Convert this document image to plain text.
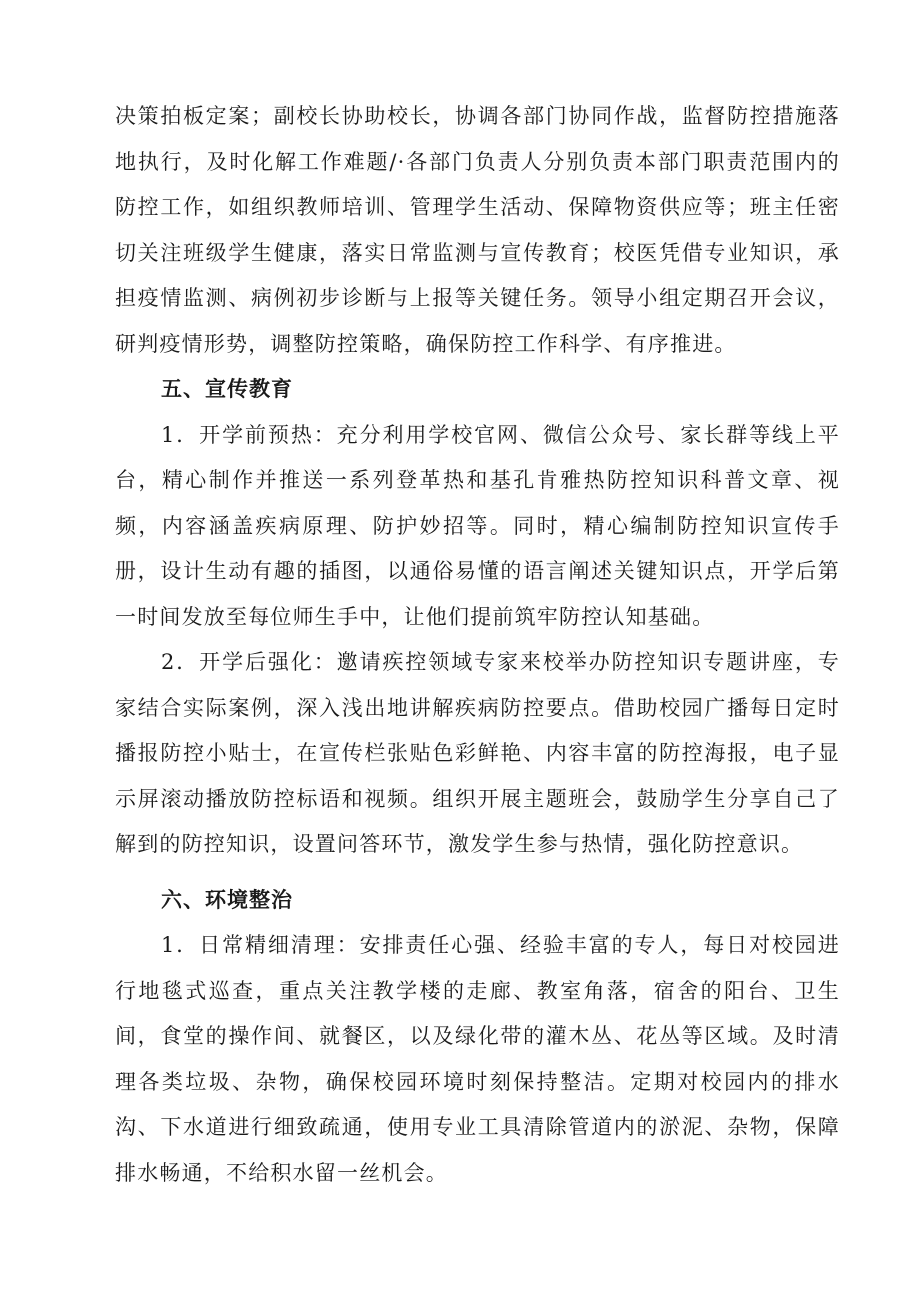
决策拍板定案；副校长协助校长，协调各部门协同作战，监督防控措施落地执行，及时化解工作难题/·各部门负责人分别负责本部门职责范围内的防控工作，如组织教师培训、管理学生活动、保障物资供应等；班主任密切关注班级学生健康，落实日常监测与宣传教育；校医凭借专业知识，承担疫情监测、病例初步诊断与上报等关键任务。领导小组定期召开会议，研判疫情形势，调整防控策略，确保防控工作科学、有序推进。

五、宣传教育

1．开学前预热：充分利用学校官网、微信公众号、家长群等线上平台，精心制作并推送一系列登革热和基孔肯雅热防控知识科普文章、视频，内容涵盖疾病原理、防护妙招等。同时，精心编制防控知识宣传手册，设计生动有趣的插图，以通俗易懂的语言阐述关键知识点，开学后第一时间发放至每位师生手中，让他们提前筑牢防控认知基础。

2．开学后强化：邀请疾控领域专家来校举办防控知识专题讲座，专家结合实际案例，深入浅出地讲解疾病防控要点。借助校园广播每日定时播报防控小贴士，在宣传栏张贴色彩鲜艳、内容丰富的防控海报，电子显示屏滚动播放防控标语和视频。组织开展主题班会，鼓励学生分享自己了解到的防控知识，设置问答环节，激发学生参与热情，强化防控意识。

六、环境整治

1．日常精细清理：安排责任心强、经验丰富的专人，每日对校园进行地毯式巡查，重点关注教学楼的走廊、教室角落，宿舍的阳台、卫生间，食堂的操作间、就餐区，以及绿化带的灌木丛、花丛等区域。及时清理各类垃圾、杂物，确保校园环境时刻保持整洁。定期对校园内的排水沟、下水道进行细致疏通，使用专业工具清除管道内的淤泥、杂物，保障排水畅通，不给积水留一丝机会。
